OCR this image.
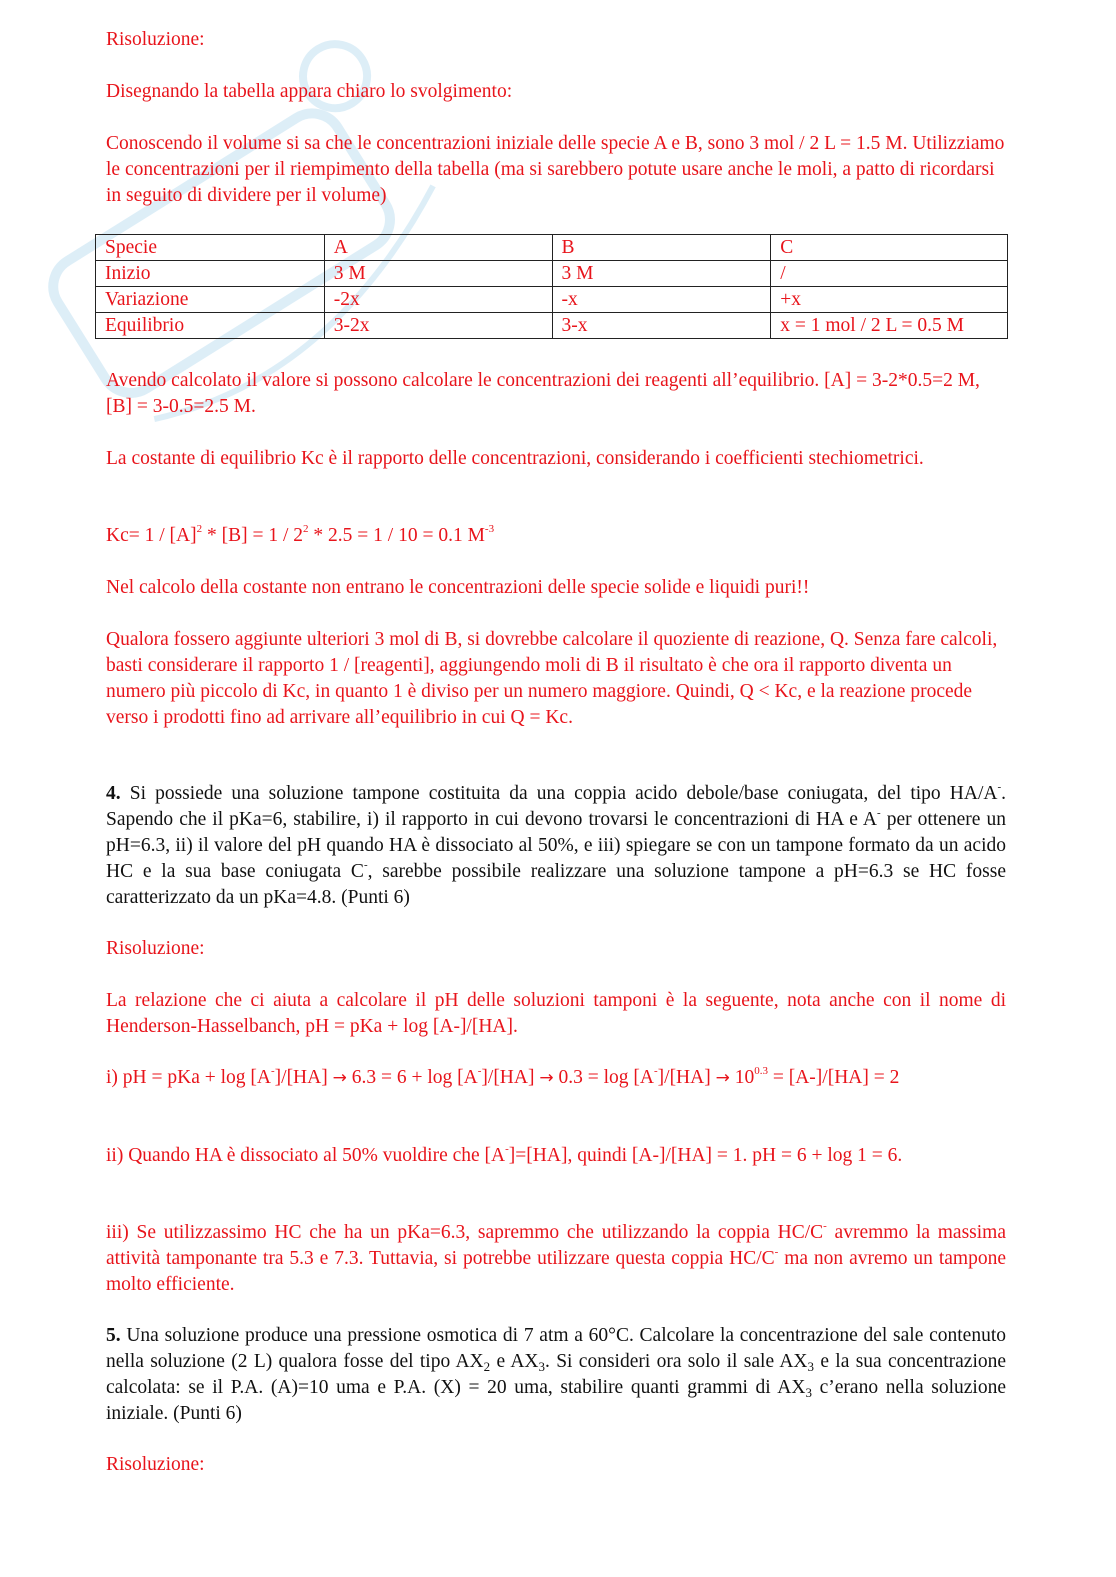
Risoluzione:

Disegnando la tabella appara chiaro lo svolgimento:

Conoscendo il volume si sa che le concentrazioni iniziale delle specie A e B, sono 3 mol / 2 L = 1.5 M. Utilizziamo le concentrazioni per il riempimento della tabella (ma si sarebbero potute usare anche le moli, a patto di ricordarsi in seguito di dividere per il volume)

Specie	A	B	C
Inizio	3 M	3 M	/
Variazione	-2x	-x	+x
Equilibrio	3-2x	3-x	x = 1 mol / 2 L = 0.5 M

Avendo calcolato il valore si possono calcolare le concentrazioni dei reagenti all’equilibrio. [A] = 3-2*0.5=2 M, [B] = 3-0.5=2.5 M.

La costante di equilibrio Kc è il rapporto delle concentrazioni, considerando i coefficienti stechiometrici.

$Kc= 1 / [A]^2 * [B] = 1 / 2^2 * 2.5 = 1 / 10 = 0.1$ $M^{-3}$

Nel calcolo della costante non entrano le concentrazioni delle specie solide e liquidi puri!!

Qualora fossero aggiunte ulteriori 3 mol di B, si dovrebbe calcolare il quoziente di reazione, Q. Senza fare calcoli, basti considerare il rapporto 1 / [reagenti], aggiungendo moli di B il risultato è che ora il rapporto diventa un numero più piccolo di Kc, in quanto 1 è diviso per un numero maggiore. Quindi, Q < Kc, e la reazione procede verso i prodotti fino ad arrivare all’equilibrio in cui Q = Kc.

4. Si possiede una soluzione tampone costituita da una coppia acido debole/base coniugata, del tipo HA/A-. Sapendo che il pKa=6, stabilire, i) il rapporto in cui devono trovarsi le concentrazioni di HA e A- per ottenere un pH=6.3, ii) il valore del pH quando HA è dissociato al 50%, e iii) spiegare se con un tampone formato da un acido HC e la sua base coniugata C-, sarebbe possibile realizzare una soluzione tampone a pH=6.3 se HC fosse caratterizzato da un pKa=4.8. (Punti 6)

Risoluzione:

La relazione che ci aiuta a calcolare il pH delle soluzioni tamponi è la seguente, nota anche con il nome di Henderson-Hasselbanch, pH = pKa + log [A-]/[HA].

i) pH = pKa + $\log [A^-]/[HA] \to 6.3 = 6 + \log [A^-]/[HA] \to 0.3 = \log [A^-]/[HA] \to 10^{0.3} = [A-]/[HA] = 2$

ii) Quando HA è dissociato al 50% vuoldire che [A-]=[HA], quindi [A-]/[HA] = 1. pH = 6 + log 1 = 6.

iii) Se utilizzassimo HC che ha un pKa=6.3, sapremmo che utilizzando la coppia HC/C- avremmo la massima attività tamponante tra 5.3 e 7.3. Tuttavia, si potrebbe utilizzare questa coppia HC/C- ma non avremo un tampone molto efficiente.

5. Una soluzione produce una pressione osmotica di 7 atm a 60°C. Calcolare la concentrazione del sale contenuto nella soluzione (2 L) qualora fosse del tipo $AX_2$ e $AX_3$. Si consideri ora solo il sale $AX_3$ e la sua concentrazione calcolata: se il P.A. (A)=10 uma e P.A. (X) = 20 uma, stabilire quanti grammi di $AX_3$ c’erano nella soluzione iniziale. (Punti 6)

Risoluzione:
